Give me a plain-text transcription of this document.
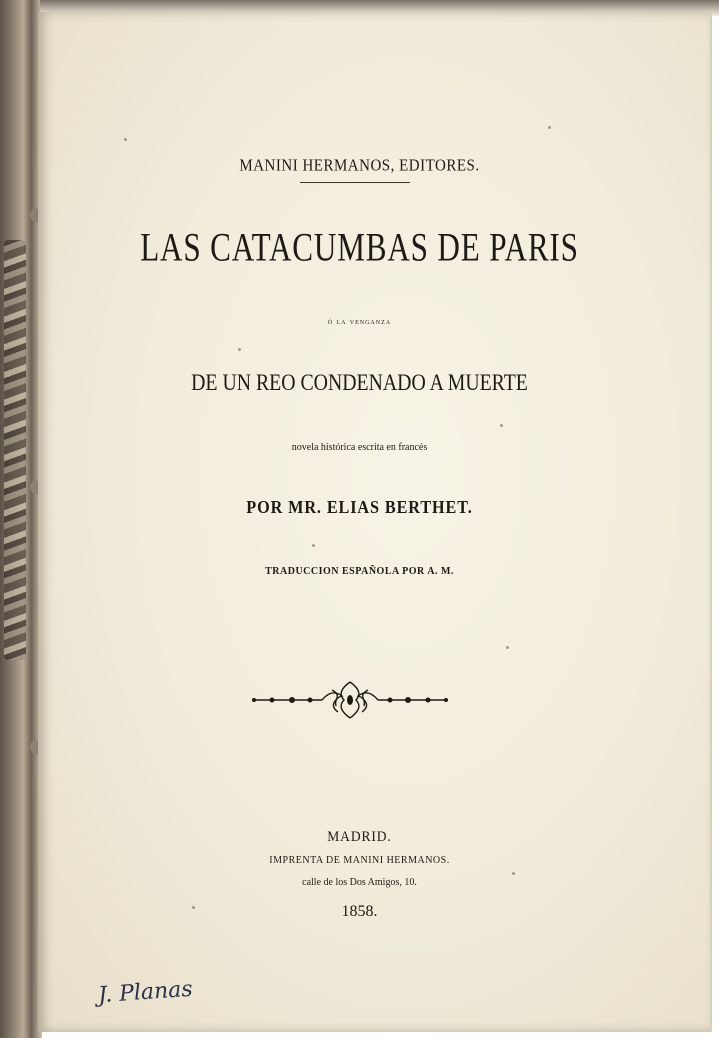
MANINI HERMANOS, EDITORES.
LAS CATACUMBAS DE PARIS
ó la venganza
DE UN REO CONDENADO A MUERTE
novela histórica escrita en francés
POR MR. ELIAS BERTHET.
TRADUCCION ESPAÑOLA POR A. M.
MADRID.
IMPRENTA DE MANINI HERMANOS.
calle de los Dos Amigos, 10.
1858.
J. Planas
